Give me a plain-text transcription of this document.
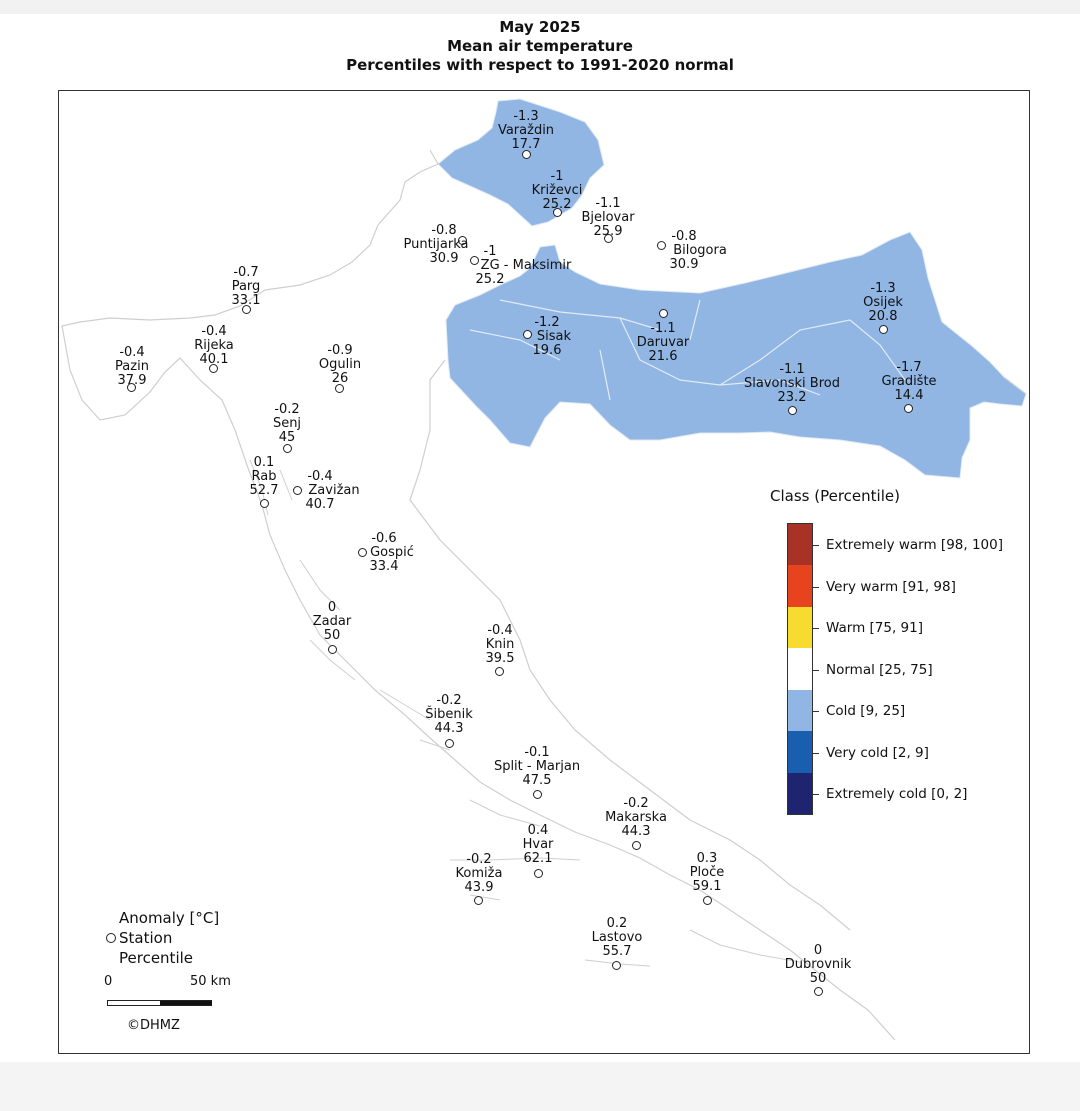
May 2025
Mean air temperature
Percentiles with respect to 1991-2020 normal
-1.3
Varaždin
17.7
-1
Križevci
25.2	-1.1
Bjelovar
25.9
-0.8
Puntijarka
30.9	-1
ZG - Maksimir
25.2
-0.8
Bilogora
30.9
-0.7
Parg
33.1
-0.4
Rijeka
40.1
-0.4
Pazin
37.9
-0.9
Ogulin
26
-1.2
Sisak
19.6
-1.1
Daruvar
21.6
-1.3
Osijek
20.8
-1.1
Slavonski Brod
23.2
-1.7
Gradište
14.4
-0.2
Senj
45
0.1
Rab
52.7
-0.4
Zavižan
40.7
-0.6
Gospić
33.4
0
Zadar
50	-0.4
Knin
39.5
-0.2
Šibenik
44.3
-0.1
Split - Marjan
47.5
-0.2
Makarska
44.3
0.4
Hvar
62.1	0.3
Ploče
59.1
-0.2
Komiža
43.9
0.2
Lastovo
55.7	0
Dubrovnik
50
Class (Percentile)
Extremely warm [98, 100]
Very warm [91, 98]
Warm [75, 91]
Normal [25, 75]
Cold [9, 25]
Very cold [2, 9]
Extremely cold [0, 2]
Anomaly [°C]
Station
Percentile
0	50 km
©DHMZ
